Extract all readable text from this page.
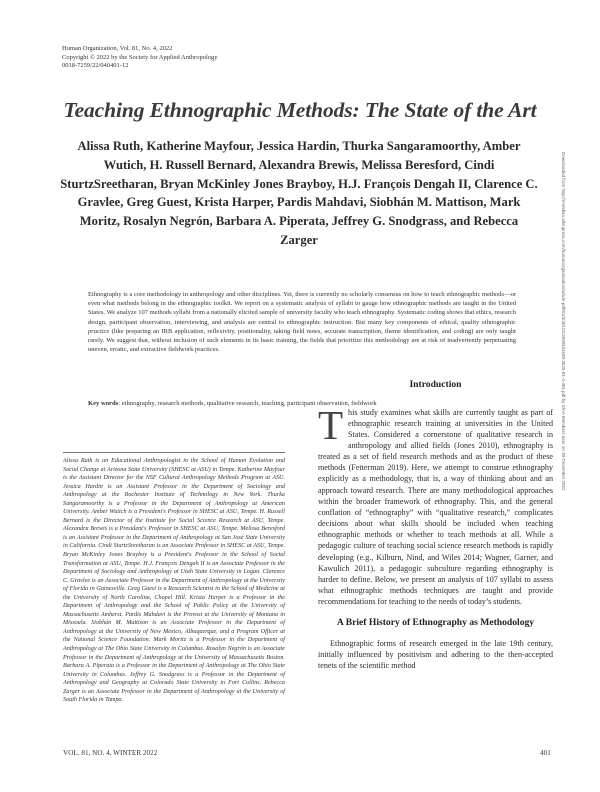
Human Organization, Vol. 81, No. 4, 2022
Copyright © 2022 by the Society for Applied Anthropology
0018-7259/22/040401-12
Teaching Ethnographic Methods: The State of the Art
Alissa Ruth, Katherine Mayfour, Jessica Hardin, Thurka Sangaramoorthy, Amber Wutich, H. Russell Bernard, Alexandra Brewis, Melissa Beresford, Cindi SturtzSreetharan, Bryan McKinley Jones Brayboy, H.J. François Dengah II, Clarence C. Gravlee, Greg Guest, Krista Harper, Pardis Mahdavi, Siobhán M. Mattison, Mark Moritz, Rosalyn Negrón, Barbara A. Piperata, Jeffrey G. Snodgrass, and Rebecca Zarger
Ethnography is a core methodology in anthropology and other disciplines. Yet, there is currently no scholarly consensus on how to teach ethnographic methods—or even what methods belong in the ethnographic toolkit. We report on a systematic analysis of syllabi to gauge how ethnographic methods are taught in the United States. We analyze 107 methods syllabi from a nationally elicited sample of university faculty who teach ethnography. Systematic coding shows that ethics, research design, participant observation, interviewing, and analysis are central to ethnographic instruction. But many key components of ethical, quality ethnographic practice (like preparing an IRB application, reflexivity, positionality, taking field notes, accurate transcription, theme identification, and coding) are only taught rarely. We suggest that, without inclusion of such elements in its basic training, the fields that prioritize this methodology are at risk of inadvertently perpetuating uneven, erratic, and extractive fieldwork practices.
Key words: ethnography, research methods, qualitative research, teaching, participant observation, fieldwork
Alissa Ruth is an Educational Anthropologist in the School of Human Evolution and Social Change at Arizona State University (SHESC at ASU) in Tempe. Katherine Mayfour is the Assistant Director for the NSF Cultural Anthropology Methods Program at ASU. Jessica Hardin is an Assistant Professor in the Department of Sociology and Anthropology at the Rochester Institute of Technology in New York. Thurka Sangaramoorthy is a Professor in the Department of Anthropology at American University. Amber Wutich is a President's Professor in SHESC at ASU, Tempe. H. Russell Bernard is the Director of the Institute for Social Science Research at ASU, Tempe. Alexandra Brewis is a President's Professor in SHESC at ASU, Tempe. Melissa Beresford is an Assistant Professor in the Department of Anthropology at San José State University in California. Cindi SturtzSreetharan is an Associate Professor in SHESC at ASU, Tempe. Bryan McKinley Jones Brayboy is a President's Professor in the School of Social Transformation at ASU, Tempe. H.J. François Dengah II is an Associate Professor in the Department of Sociology and Anthropology at Utah State University in Logan. Clarence C. Gravlee is an Associate Professor in the Department of Anthropology at the University of Florida in Gainesville. Greg Guest is a Research Scientist in the School of Medicine at the University of North Carolina, Chapel Hill. Krista Harper is a Professor in the Department of Anthropology and the School of Public Policy at the University of Massachusetts Amherst. Pardis Mahdavi is the Provost at the University of Montana in Missoula. Siobhán M. Mattison is an Associate Professor in the Department of Anthropology at the University of New Mexico, Albuquerque, and a Program Officer at the National Science Foundation. Mark Moritz is a Professor in the Department of Anthropology at The Ohio State University in Columbus. Rosalyn Negrón is an Associate Professor in the Department of Anthropology at the University of Massachusetts Boston. Barbara A. Piperata is a Professor in the Department of Anthropology at The Ohio State University in Columbus. Jeffrey G. Snodgrass is a Professor in the Department of Anthropology and Geography at Colorado State University in Fort Collins. Rebecca Zarger is an Associate Professor in the Department of Anthropology at the University of South Florida in Tampa.
Introduction

This study examines what skills are currently taught as part of ethnographic research training at universities in the United States. Considered a cornerstone of qualitative research in anthropology and allied fields (Jones 2010), ethnography is treated as a set of field research methods and as the product of these methods (Fetterman 2019). Here, we attempt to construe ethnography explicitly as a methodology, that is, a way of thinking about and an approach toward research. There are many methodological approaches within the broader framework of ethnography. This, and the general conflation of “ethnography” with “qualitative research,” complicates decisions about what skills should be included when teaching ethnographic methods or whether to teach methods at all. While a pedagogic culture of teaching social science research methods is rapidly developing (e.g., Kilburn, Nind, and Wiles 2014; Wagner, Garner, and Kawulich 2011), a pedagogic subculture regarding ethnography is harder to define. Below, we present an analysis of 107 syllabi to assess what ethnographic methods techniques are taught and provide recommendations for teaching to the needs of today’s students.

A Brief History of Ethnography as Methodology

Ethnographic forms of research emerged in the late 19th century, initially influenced by positivism and adhering to the then-accepted tenets of the scientific method

VOL. 81, NO. 4, WINTER 2022	401
Downloaded from http://meridian.allenpress.com/humanorganization/article-pdf/81/4/401/3139385/i1938-3525-81-4-401.pdf by SfAA Members user on 30 December 2022
